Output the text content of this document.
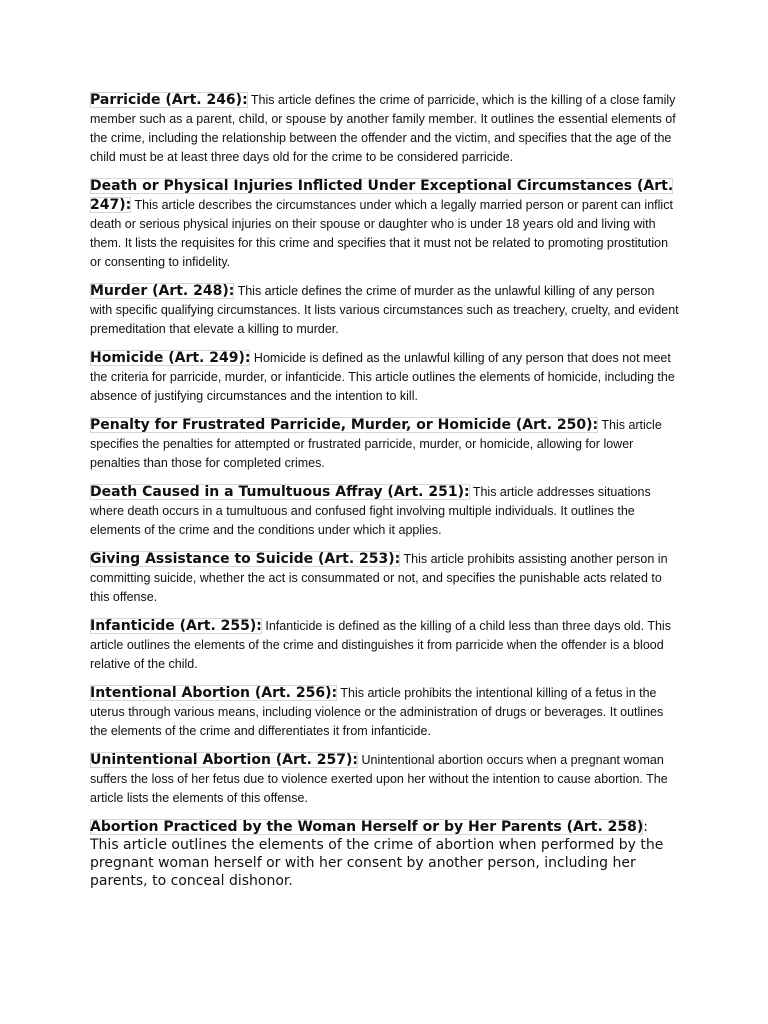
Parricide (Art. 246): This article defines the crime of parricide, which is the killing of a close family member such as a parent, child, or spouse by another family member. It outlines the essential elements of the crime, including the relationship between the offender and the victim, and specifies that the age of the child must be at least three days old for the crime to be considered parricide.

Death or Physical Injuries Inflicted Under Exceptional Circumstances (Art. 247): This article describes the circumstances under which a legally married person or parent can inflict death or serious physical injuries on their spouse or daughter who is under 18 years old and living with them. It lists the requisites for this crime and specifies that it must not be related to promoting prostitution or consenting to infidelity.

Murder (Art. 248): This article defines the crime of murder as the unlawful killing of any person with specific qualifying circumstances. It lists various circumstances such as treachery, cruelty, and evident premeditation that elevate a killing to murder.

Homicide (Art. 249): Homicide is defined as the unlawful killing of any person that does not meet the criteria for parricide, murder, or infanticide. This article outlines the elements of homicide, including the absence of justifying circumstances and the intention to kill.

Penalty for Frustrated Parricide, Murder, or Homicide (Art. 250): This article specifies the penalties for attempted or frustrated parricide, murder, or homicide, allowing for lower penalties than those for completed crimes.

Death Caused in a Tumultuous Affray (Art. 251): This article addresses situations where death occurs in a tumultuous and confused fight involving multiple individuals. It outlines the elements of the crime and the conditions under which it applies.

Giving Assistance to Suicide (Art. 253): This article prohibits assisting another person in committing suicide, whether the act is consummated or not, and specifies the punishable acts related to this offense.

Infanticide (Art. 255): Infanticide is defined as the killing of a child less than three days old. This article outlines the elements of the crime and distinguishes it from parricide when the offender is a blood relative of the child.

Intentional Abortion (Art. 256): This article prohibits the intentional killing of a fetus in the uterus through various means, including violence or the administration of drugs or beverages. It outlines the elements of the crime and differentiates it from infanticide.

Unintentional Abortion (Art. 257): Unintentional abortion occurs when a pregnant woman suffers the loss of her fetus due to violence exerted upon her without the intention to cause abortion. The article lists the elements of this offense.

Abortion Practiced by the Woman Herself or by Her Parents (Art. 258): This article outlines the elements of the crime of abortion when performed by the pregnant woman herself or with her consent by another person, including her parents, to conceal dishonor.
